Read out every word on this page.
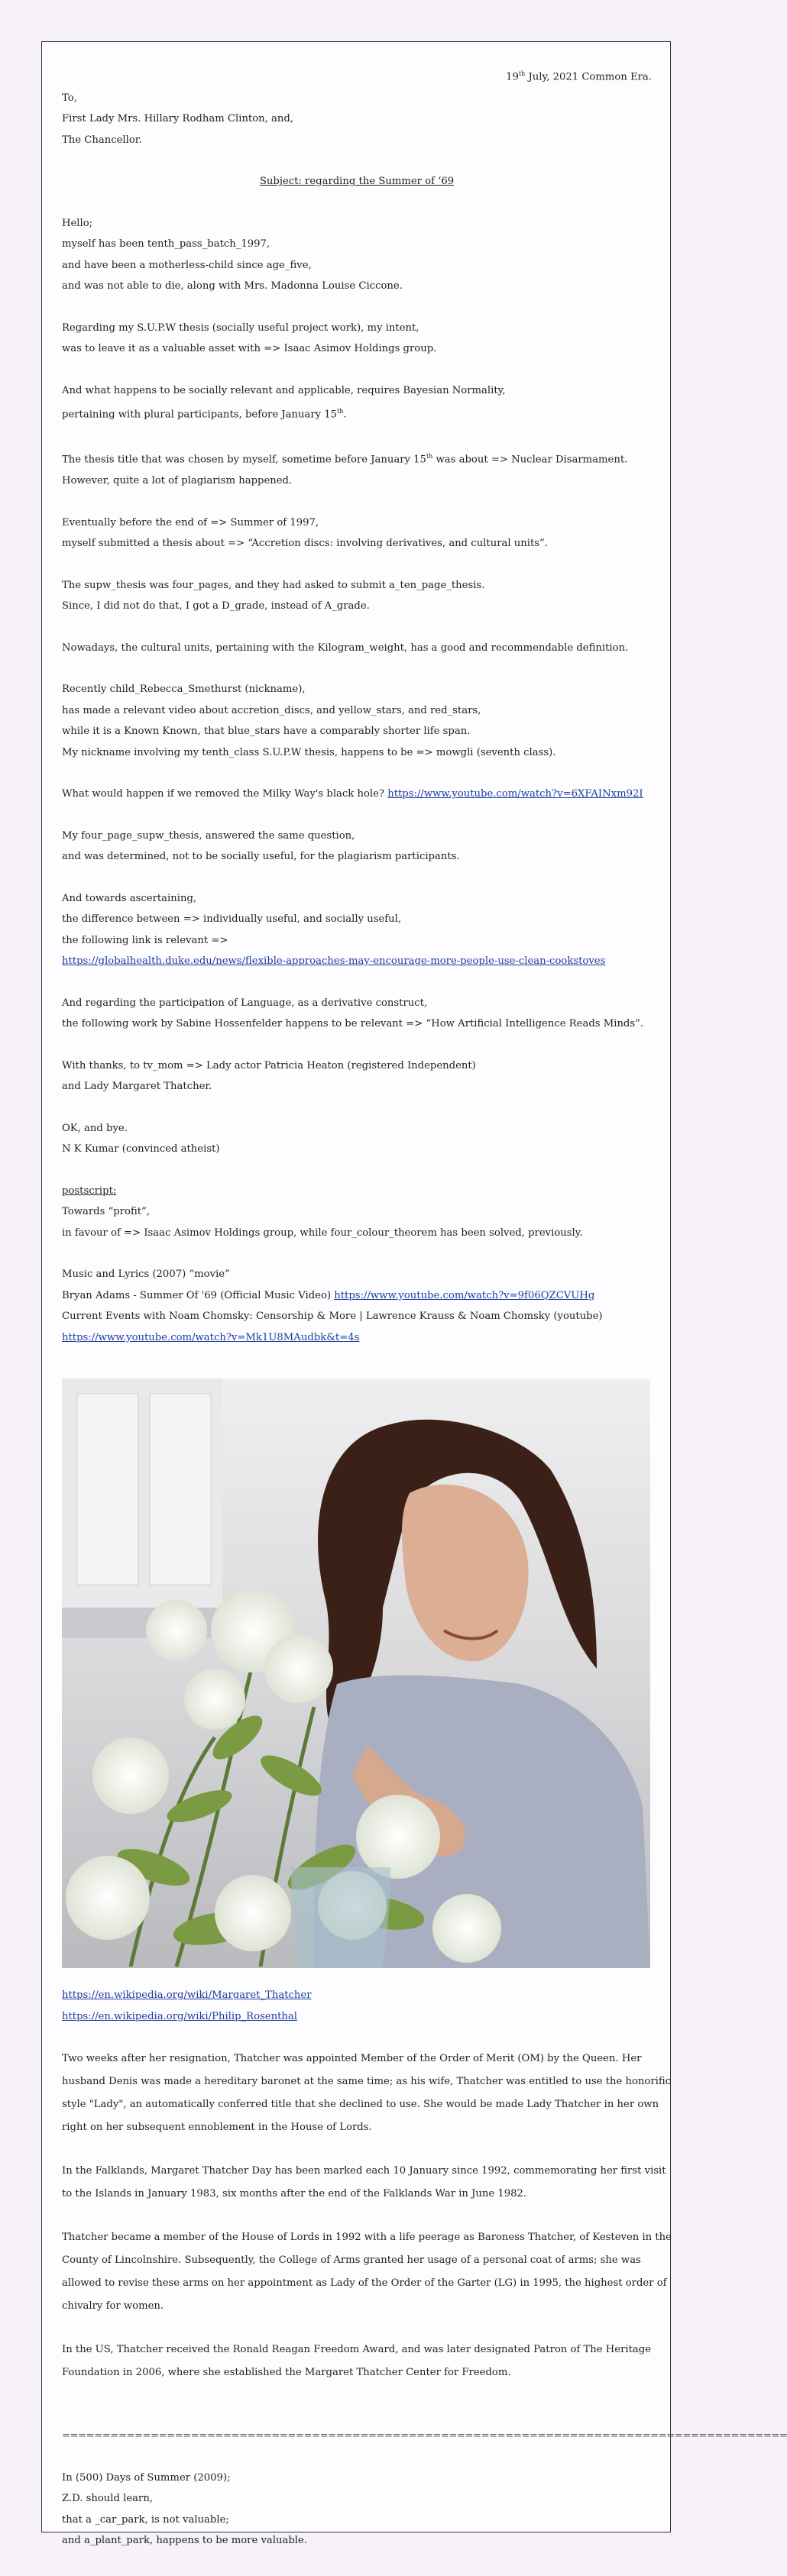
19th July, 2021 Common Era.
To,
First Lady Mrs. Hillary Rodham Clinton, and,
The Chancellor.
Subject: regarding the Summer of ‘69
Hello;
myself has been tenth_pass_batch_1997,
and have been a motherless-child since age_five,
and was not able to die, along with Mrs. Madonna Louise Ciccone.
Regarding my S.U.P.W thesis (socially useful project work), my intent,
was to leave it as a valuable asset with => Isaac Asimov Holdings group.
And what happens to be socially relevant and applicable, requires Bayesian Normality,
pertaining with plural participants, before January 15th.
The thesis title that was chosen by myself, sometime before January 15th was about => Nuclear Disarmament.
However, quite a lot of plagiarism happened.
Eventually before the end of => Summer of 1997,
myself submitted a thesis about => “Accretion discs: involving derivatives, and cultural units”.
The supw_thesis was four_pages, and they had asked to submit a_ten_page_thesis.
Since, I did not do that, I got a D_grade, instead of A_grade.
Nowadays, the cultural units, pertaining with the Kilogram_weight, has a good and recommendable definition.
Recently child_Rebecca_Smethurst (nickname),
has made a relevant video about accretion_discs, and yellow_stars, and red_stars,
while it is a Known Known, that blue_stars have a comparably shorter life span.
My nickname involving my tenth_class S.U.P.W thesis, happens to be => mowgli (seventh class).
What would happen if we removed the Milky Way's black hole? https://www.youtube.com/watch?v=6XFAINxm92I
My four_page_supw_thesis, answered the same question,
and was determined, not to be socially useful, for the plagiarism participants.
And towards ascertaining,
the difference between => individually useful, and socially useful,
the following link is relevant =>
https://globalhealth.duke.edu/news/flexible-approaches-may-encourage-more-people-use-clean-cookstoves
And regarding the participation of Language, as a derivative construct,
the following work by Sabine Hossenfelder happens to be relevant => “How Artificial Intelligence Reads Minds”.
With thanks, to tv_mom => Lady actor Patricia Heaton (registered Independent)
and Lady Margaret Thatcher.
OK, and bye.
N K Kumar (convinced atheist)
postscript:
Towards “profit”,
in favour of => Isaac Asimov Holdings group, while four_colour_theorem has been solved, previously.
Music and Lyrics (2007) “movie”
Bryan Adams - Summer Of '69 (Official Music Video) https://www.youtube.com/watch?v=9f06QZCVUHg
Current Events with Noam Chomsky: Censorship & More | Lawrence Krauss & Noam Chomsky (youtube)
https://www.youtube.com/watch?v=Mk1U8MAudbk&t=4s
https://en.wikipedia.org/wiki/Margaret_Thatcher
https://en.wikipedia.org/wiki/Philip_Rosenthal
Two weeks after her resignation, Thatcher was appointed Member of the Order of Merit (OM) by the Queen. Her
husband Denis was made a hereditary baronet at the same time; as his wife, Thatcher was entitled to use the honorific
style "Lady", an automatically conferred title that she declined to use. She would be made Lady Thatcher in her own
right on her subsequent ennoblement in the House of Lords.
In the Falklands, Margaret Thatcher Day has been marked each 10 January since 1992, commemorating her first visit
to the Islands in January 1983, six months after the end of the Falklands War in June 1982.
Thatcher became a member of the House of Lords in 1992 with a life peerage as Baroness Thatcher, of Kesteven in the
County of Lincolnshire. Subsequently, the College of Arms granted her usage of a personal coat of arms; she was
allowed to revise these arms on her appointment as Lady of the Order of the Garter (LG) in 1995, the highest order of
chivalry for women.
In the US, Thatcher received the Ronald Reagan Freedom Award, and was later designated Patron of The Heritage
Foundation in 2006, where she established the Margaret Thatcher Center for Freedom.
==========================================================================================
In (500) Days of Summer (2009);
Z.D. should learn,
that a _car_park, is not valuable;
and a_plant_park, happens to be more valuable.
